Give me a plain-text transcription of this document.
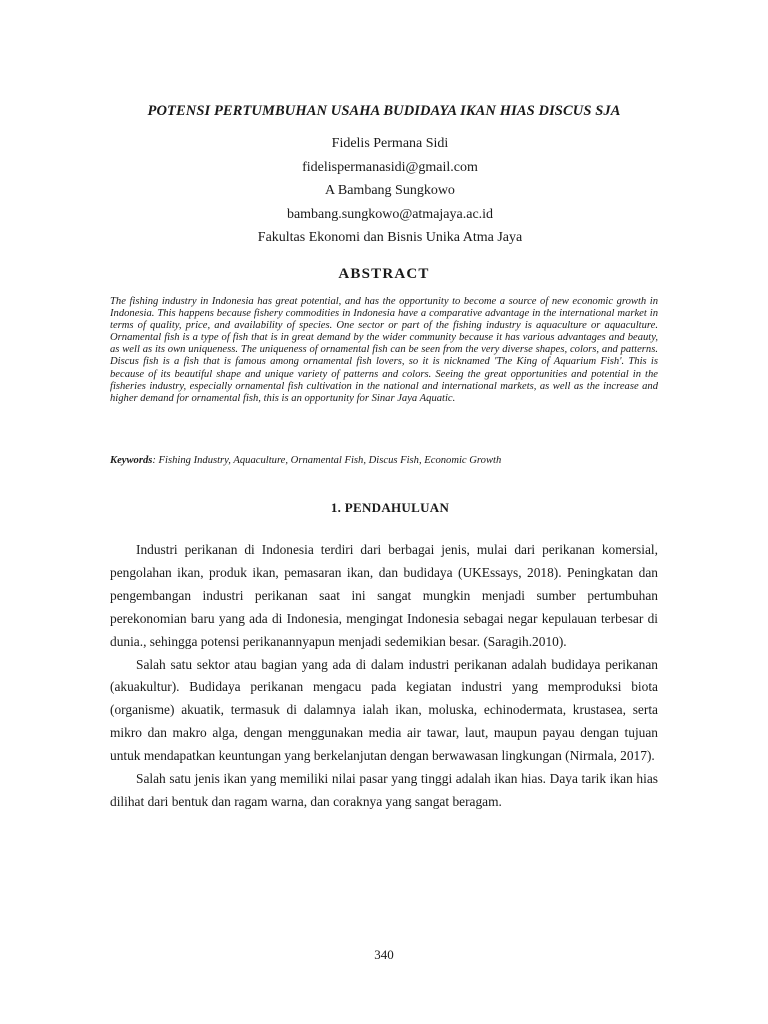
POTENSI PERTUMBUHAN USAHA BUDIDAYA IKAN HIAS DISCUS SJA
Fidelis Permana Sidi
fidelispermanasidi@gmail.com
A Bambang Sungkowo
bambang.sungkowo@atmajaya.ac.id
Fakultas Ekonomi dan Bisnis Unika Atma Jaya
ABSTRACT
The fishing industry in Indonesia has great potential, and has the opportunity to become a source of new economic growth in Indonesia. This happens because fishery commodities in Indonesia have a comparative advantage in the international market in terms of quality, price, and availability of species. One sector or part of the fishing industry is aquaculture or aquaculture. Ornamental fish is a type of fish that is in great demand by the wider community because it has various advantages and beauty, as well as its own uniqueness. The uniqueness of ornamental fish can be seen from the very diverse shapes, colors, and patterns. Discus fish is a fish that is famous among ornamental fish lovers, so it is nicknamed 'The King of Aquarium Fish'. This is because of its beautiful shape and unique variety of patterns and colors. Seeing the great opportunities and potential in the fisheries industry, especially ornamental fish cultivation in the national and international markets, as well as the increase and higher demand for ornamental fish, this is an opportunity for Sinar Jaya Aquatic.
Keywords: Fishing Industry, Aquaculture, Ornamental Fish, Discus Fish, Economic Growth
1. PENDAHULUAN

Industri perikanan di Indonesia terdiri dari berbagai jenis, mulai dari perikanan komersial, pengolahan ikan, produk ikan, pemasaran ikan, dan budidaya (UKEssays, 2018). Peningkatan dan pengembangan industri perikanan saat ini sangat mungkin menjadi sumber pertumbuhan perekonomian baru yang ada di Indonesia, mengingat Indonesia sebagai negar kepulauan terbesar di dunia., sehingga potensi perikanannyapun menjadi sedemikian besar. (Saragih.2010).

Salah satu sektor atau bagian yang ada di dalam industri perikanan adalah budidaya perikanan (akuakultur). Budidaya perikanan mengacu pada kegiatan industri yang memproduksi biota (organisme) akuatik, termasuk di dalamnya ialah ikan, moluska, echinodermata, krustasea, serta mikro dan makro alga, dengan menggunakan media air tawar, laut, maupun payau dengan tujuan untuk mendapatkan keuntungan yang berkelanjutan dengan berwawasan lingkungan (Nirmala, 2017).

Salah satu jenis ikan yang memiliki nilai pasar yang tinggi adalah ikan hias. Daya tarik ikan hias dilihat dari bentuk dan ragam warna, dan coraknya yang sangat beragam.

340
